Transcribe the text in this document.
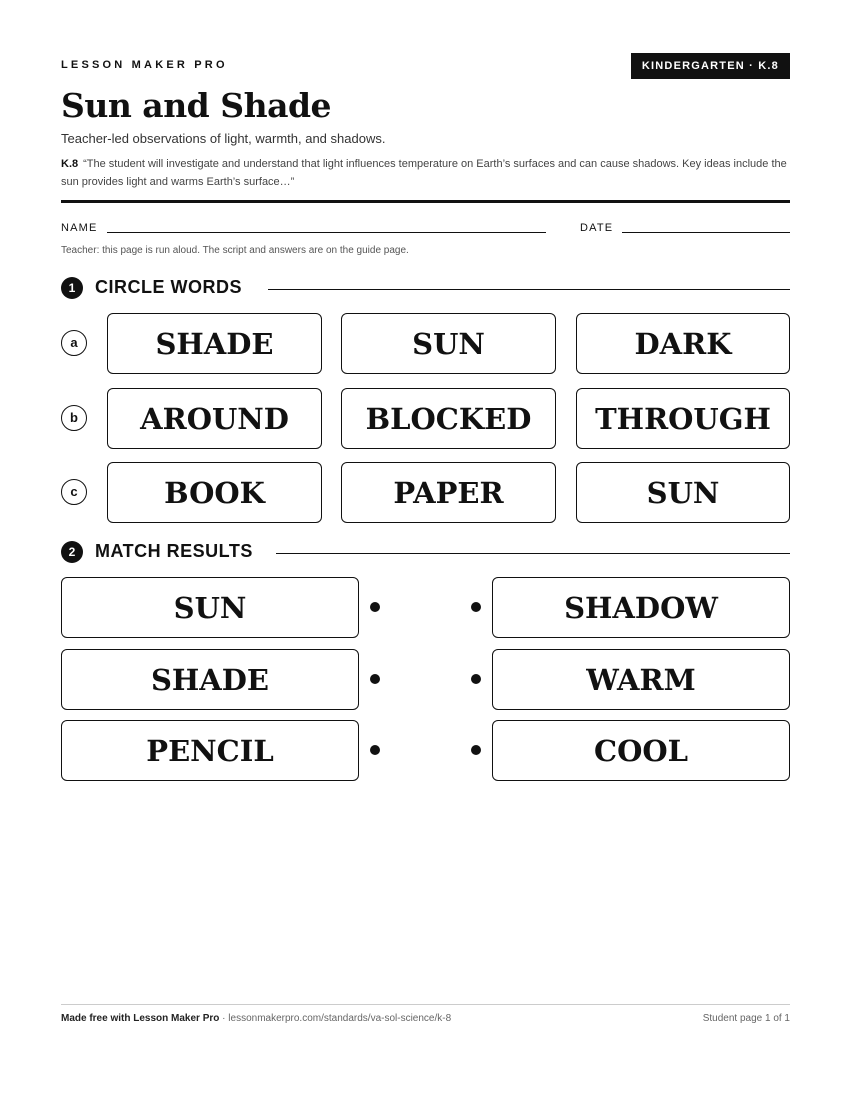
LESSON MAKER PRO	KINDERGARTEN · K.8
Sun and Shade
Teacher-led observations of light, warmth, and shadows.
K.8 “The student will investigate and understand that light influences temperature on Earth’s surfaces and can cause shadows. Key ideas include the sun provides light and warms Earth’s surface…”
NAME	DATE
Teacher: this page is run aloud. The script and answers are on the guide page.
1	CIRCLE WORDS
a	SHADE	SUN	DARK
b	AROUND	BLOCKED	THROUGH
c	BOOK	PAPER	SUN
2	MATCH RESULTS
SUN	SHADOW
SHADE	WARM
PENCIL	COOL
Made free with Lesson Maker Pro · lessonmakerpro.com/standards/va-sol-science/k-8	Student page 1 of 1
